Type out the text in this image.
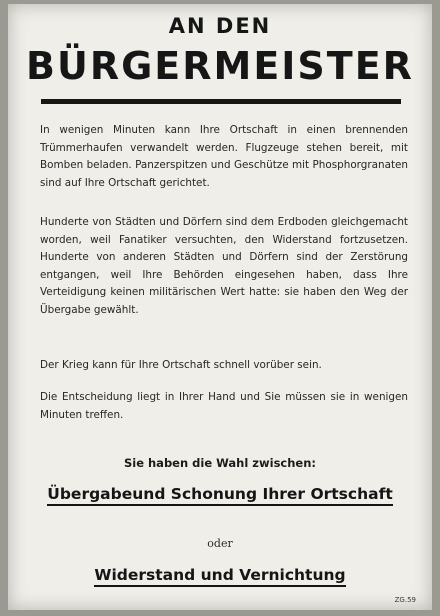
AN DEN
BÜRGERMEISTER
In wenigen Minuten kann Ihre Ortschaft in einen brennenden Trümmerhaufen verwandelt werden. Flugzeuge stehen bereit, mit Bomben beladen. Panzerspitzen und Geschütze mit Phosphorgranaten sind auf Ihre Ortschaft gerichtet.
Hunderte von Städten und Dörfern sind dem Erdboden gleichgemacht worden, weil Fanatiker versuchten, den Widerstand fortzusetzen. Hunderte von anderen Städten und Dörfern sind der Zerstörung entgangen, weil Ihre Behörden eingesehen haben, dass Ihre Verteidigung keinen militärischen Wert hatte: sie haben den Weg der Übergabe gewählt.
Der Krieg kann für Ihre Ortschaft schnell vorüber sein.
Die Entscheidung liegt in Ihrer Hand und Sie müssen sie in wenigen Minuten treffen.
Sie haben die Wahl zwischen:
Übergabeund Schonung Ihrer Ortschaft
oder
Widerstand und Vernichtung
ZG.59
